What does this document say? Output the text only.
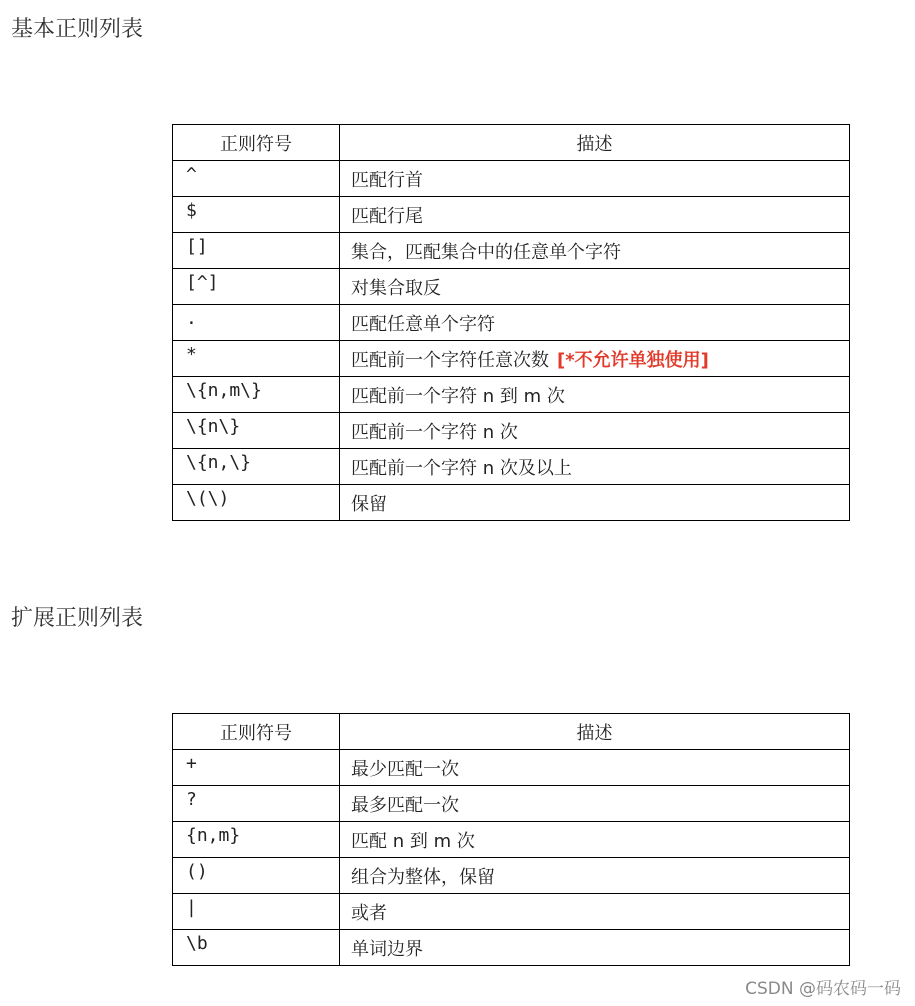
基本正则列表
正则符号	描述
^	匹配行首
$	匹配行尾
[]	集合，匹配集合中的任意单个字符
[^]	对集合取反
.	匹配任意单个字符
*	匹配前一个字符任意次数 [*不允许单独使用]
\{n,m\}	匹配前一个字符 n 到 m 次
\{n\}	匹配前一个字符 n 次
\{n,\}	匹配前一个字符 n 次及以上
\(\)	保留
扩展正则列表
正则符号	描述
+	最少匹配一次
?	最多匹配一次
{n,m}	匹配 n 到 m 次
()	组合为整体，保留
|	或者
\b	单词边界
CSDN @码农码一码
